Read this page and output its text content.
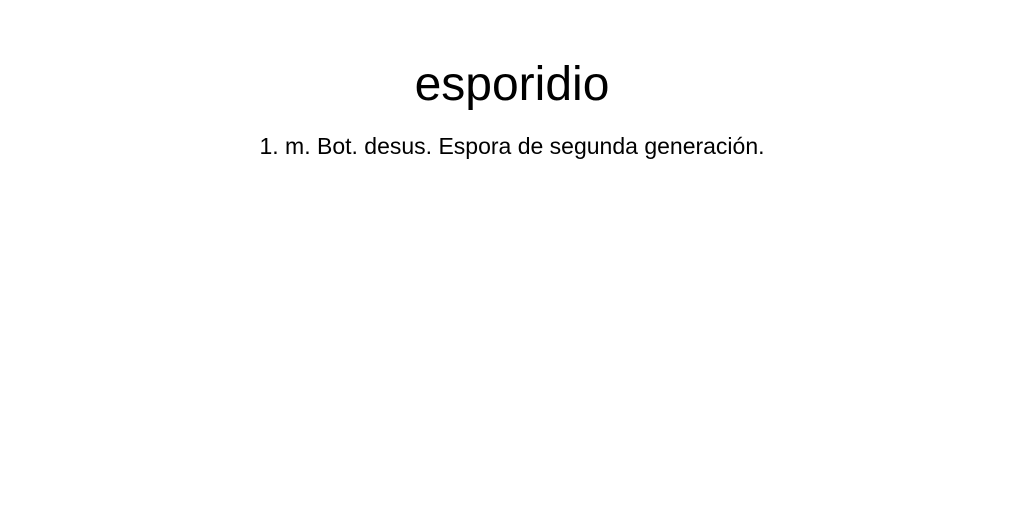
esporidio

1. m. Bot. desus. Espora de segunda generación.
